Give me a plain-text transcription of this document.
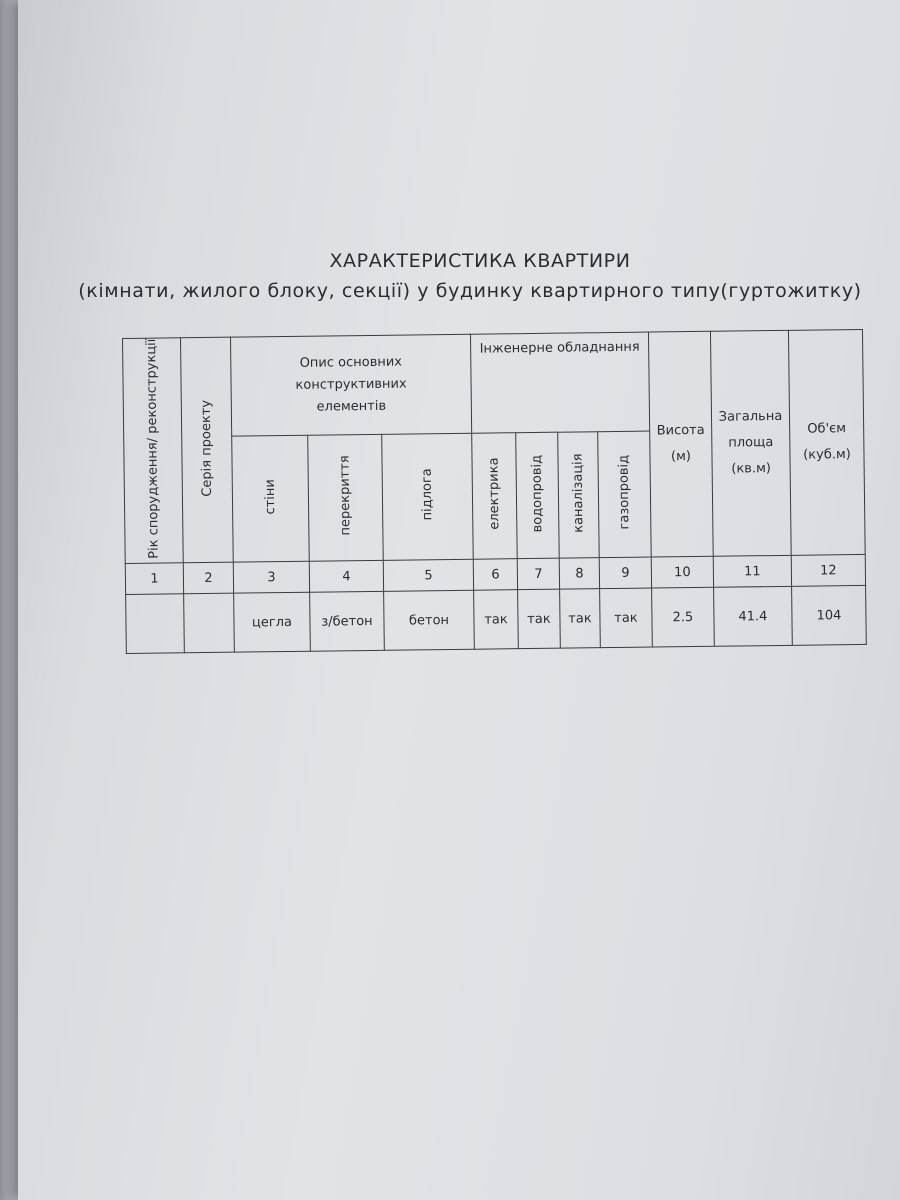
ХАРАКТЕРИСТИКА КВАРТИРИ
(кімнати, жилого блоку, секції) у будинку квартирного типу(гуртожитку)
Рік спорудження/ реконструкції	Серія проекту	Опис основних конструктивних елементів			Інженерне обладнання				Висота (м)	Загальна площа (кв.м)	Об'єм (куб.м)
		стіни	перекриття	підлога	електрика	водопровід	каналізація	газопровід			
1	2	3	4	5	6	7	8	9	10	11	12
		цегла	з/бетон	бетон	так	так	так	так	2.5	41.4	104
